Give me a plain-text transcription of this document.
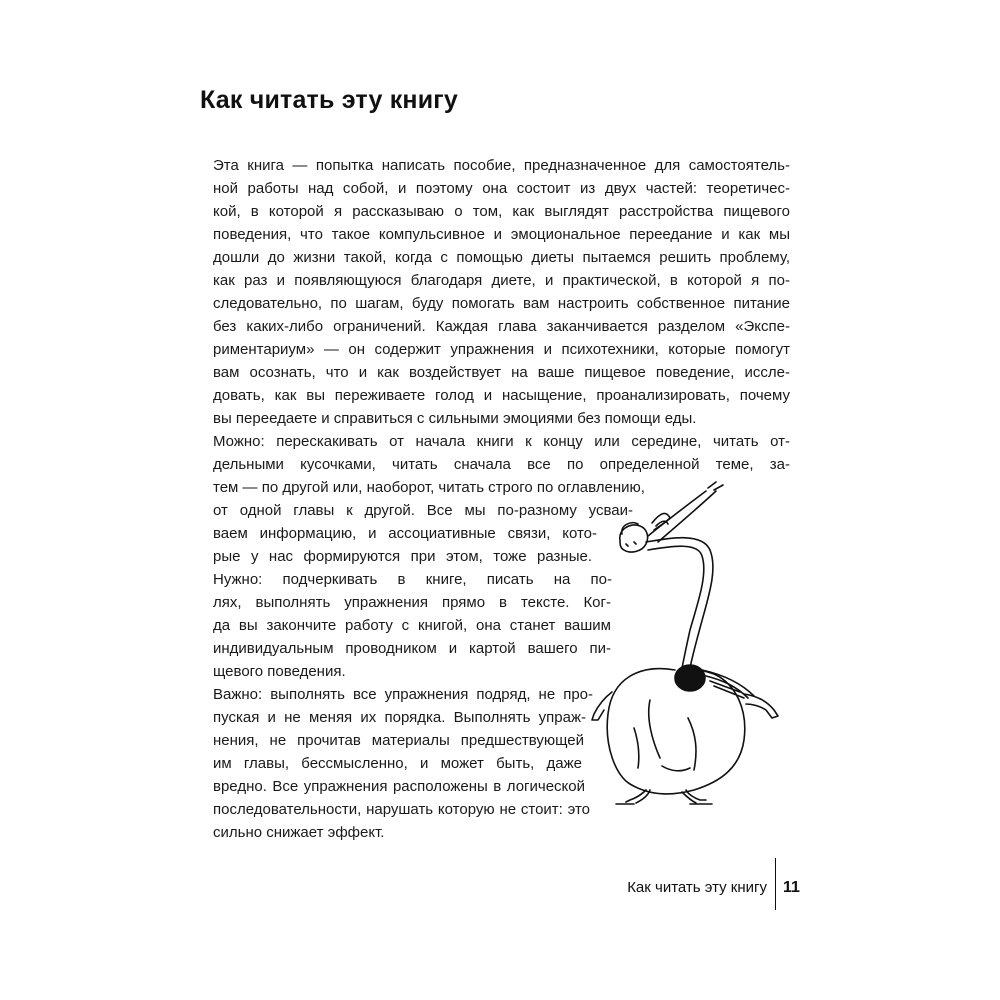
Как читать эту книгу
Эта книга — попытка написать пособие, предназначенное для самостоятель-
ной работы над собой, и поэтому она состоит из двух частей: теоретичес-
кой, в которой я рассказываю о том, как выглядят расстройства пищевого
поведения, что такое компульсивное и эмоциональное переедание и как мы
дошли до жизни такой, когда с помощью диеты пытаемся решить проблему,
как раз и появляющуюся благодаря диете, и практической, в которой я по-
следовательно, по шагам, буду помогать вам настроить собственное питание
без каких-либо ограничений. Каждая глава заканчивается разделом «Экспе-
риментариум» — он содержит упражнения и психотехники, которые помогут
вам осознать, что и как воздействует на ваше пищевое поведение, иссле-
довать, как вы переживаете голод и насыщение, проанализировать, почему
вы переедаете и справиться с сильными эмоциями без помощи еды.
Можно: перескакивать от начала книги к концу или середине, читать от-
дельными кусочками, читать сначала все по определенной теме, за-
тем — по другой или, наоборот, читать строго по оглавлению,
от одной главы к другой. Все мы по-разному усваи-
ваем информацию, и ассоциативные связи, кото-
рые у нас формируются при этом, тоже разные.
Нужно: подчеркивать в книге, писать на по-
лях, выполнять упражнения прямо в тексте. Ког-
да вы закончите работу с книгой, она станет вашим
индивидуальным проводником и картой вашего пи-
щевого поведения.
Важно: выполнять все упражнения подряд, не про-
пуская и не меняя их порядка. Выполнять упраж-
нения, не прочитав материалы предшествующей
им главы, бессмысленно, и может быть, даже
вредно. Все упражнения расположены в логической
последовательности, нарушать которую не стоит: это
сильно снижает эффект.
Как читать эту книгу 11
